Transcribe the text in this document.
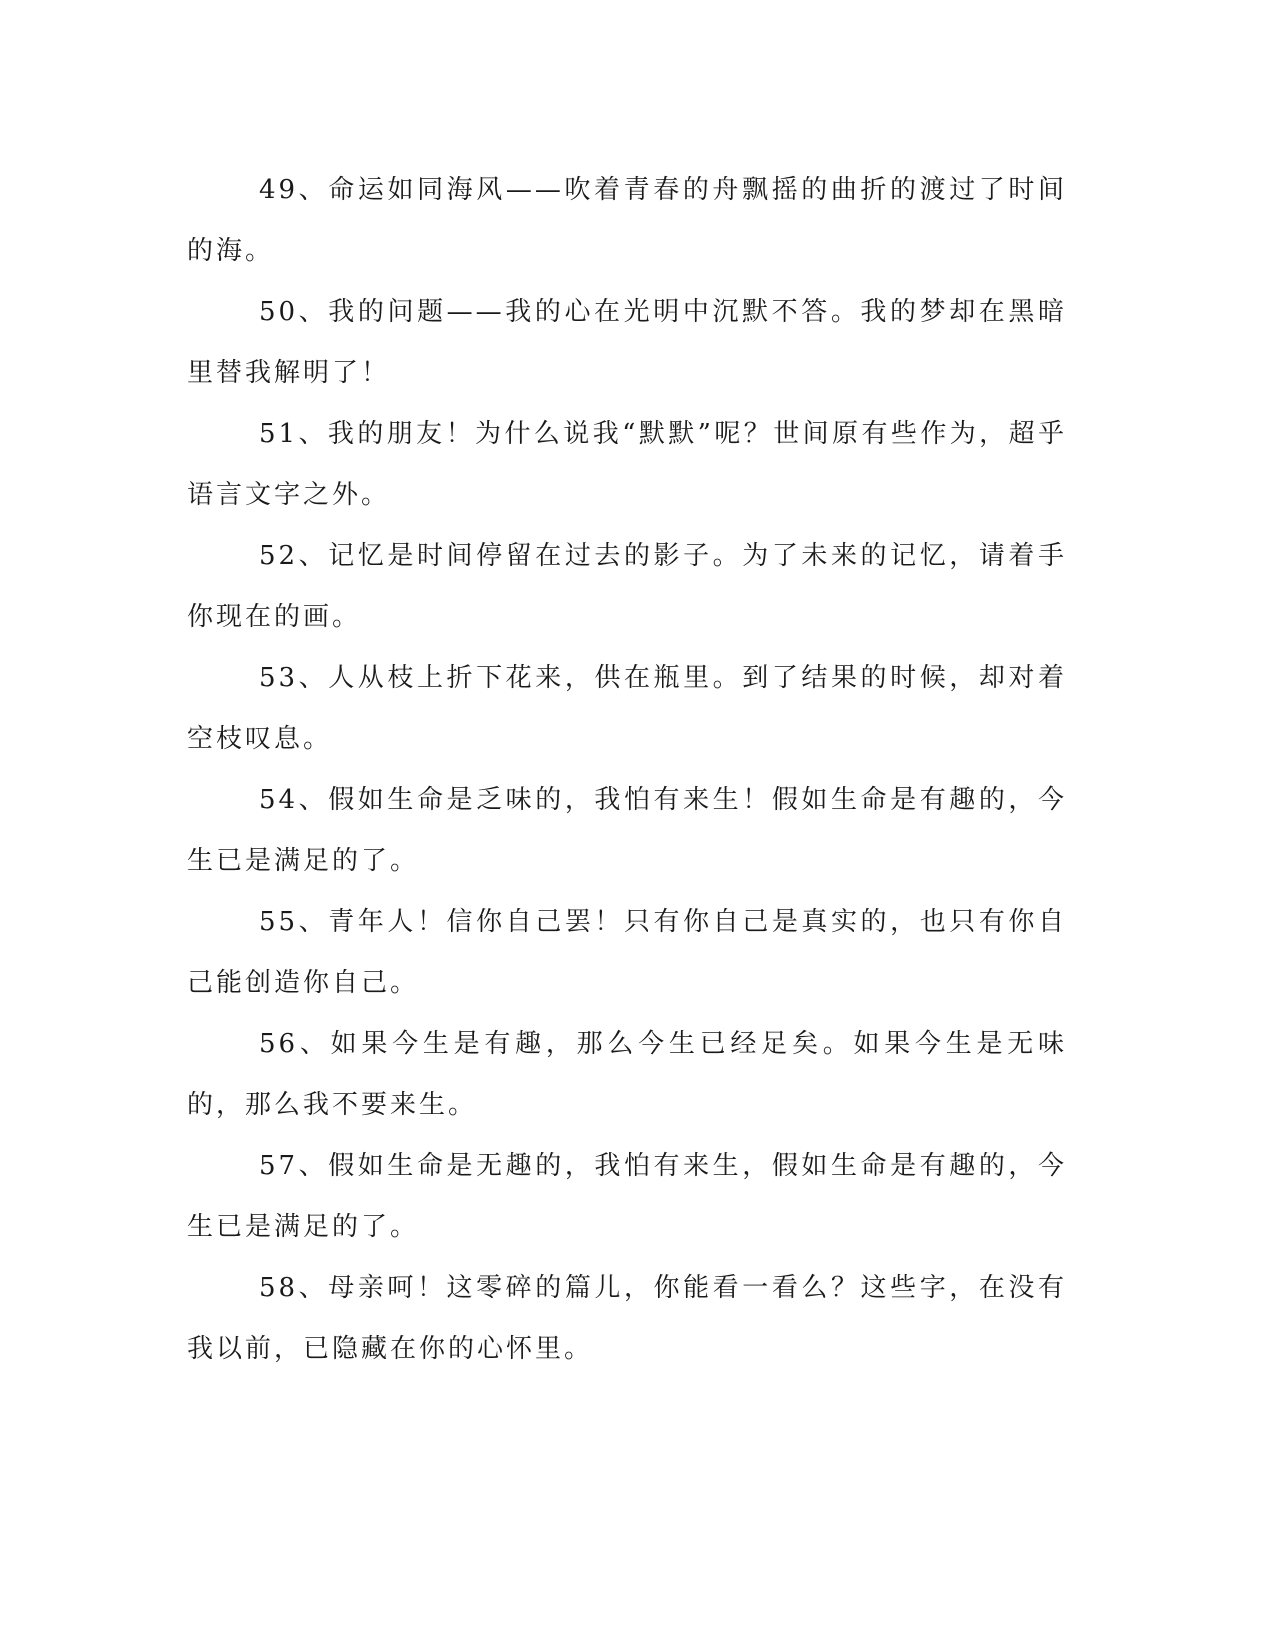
49、命运如同海风——吹着青春的舟飘摇的曲折的渡过了时间的海。

50、我的问题——我的心在光明中沉默不答。我的梦却在黑暗里替我解明了！

51、我的朋友！为什么说我“默默”呢？世间原有些作为，超乎语言文字之外。

52、记忆是时间停留在过去的影子。为了未来的记忆，请着手你现在的画。

53、人从枝上折下花来，供在瓶里。到了结果的时候，却对着空枝叹息。

54、假如生命是乏味的，我怕有来生！假如生命是有趣的，今生已是满足的了。

55、青年人！信你自己罢！只有你自己是真实的，也只有你自己能创造你自己。

56、如果今生是有趣，那么今生已经足矣。如果今生是无味的，那么我不要来生。

57、假如生命是无趣的，我怕有来生，假如生命是有趣的，今生已是满足的了。

58、母亲呵！这零碎的篇儿，你能看一看么？这些字，在没有我以前，已隐藏在你的心怀里。
